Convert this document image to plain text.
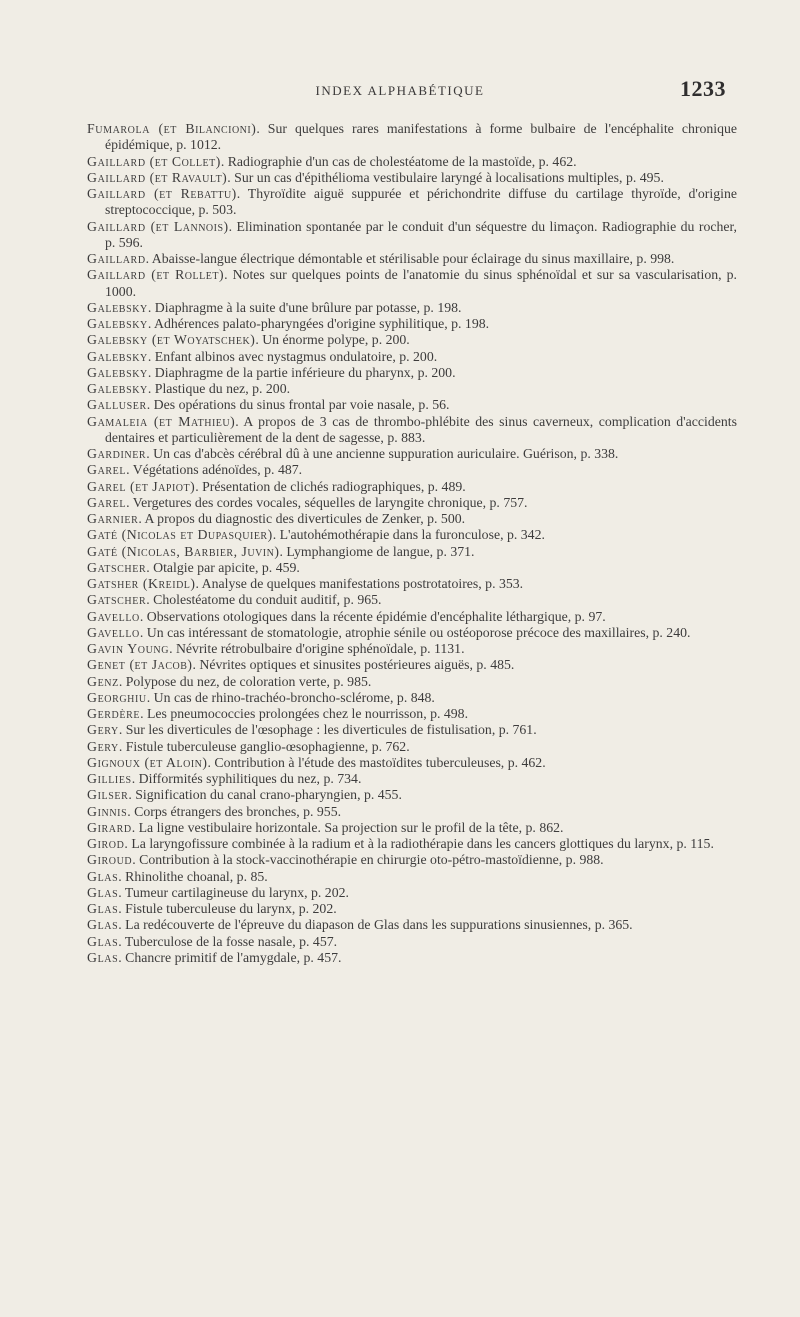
INDEX ALPHABÉTIQUE	1233
Fumarola (et Bilancioni). Sur quelques rares manifestations à forme bulbaire de l'encéphalite chronique épidémique, p. 1012.
Gaillard (et Collet). Radiographie d'un cas de cholestéatome de la mastoïde, p. 462.
Gaillard (et Ravault). Sur un cas d'épithélioma vestibulaire laryngé à localisations multiples, p. 495.
Gaillard (et Rebattu). Thyroïdite aiguë suppurée et périchondrite diffuse du cartilage thyroïde, d'origine streptococcique, p. 503.
Gaillard (et Lannois). Elimination spontanée par le conduit d'un séquestre du limaçon. Radiographie du rocher, p. 596.
Gaillard. Abaisse-langue électrique démontable et stérilisable pour éclairage du sinus maxillaire, p. 998.
Gaillard (et Rollet). Notes sur quelques points de l'anatomie du sinus sphénoïdal et sur sa vascularisation, p. 1000.
Galebsky. Diaphragme à la suite d'une brûlure par potasse, p. 198.
Galebsky. Adhérences palato-pharyngées d'origine syphilitique, p. 198.
Galebsky (et Woyatschek). Un énorme polype, p. 200.
Galebsky. Enfant albinos avec nystagmus ondulatoire, p. 200.
Galebsky. Diaphragme de la partie inférieure du pharynx, p. 200.
Galebsky. Plastique du nez, p. 200.
Galluser. Des opérations du sinus frontal par voie nasale, p. 56.
Gamaleia (et Mathieu). A propos de 3 cas de thrombo-phlébite des sinus caverneux, complication d'accidents dentaires et particulièrement de la dent de sagesse, p. 883.
Gardiner. Un cas d'abcès cérébral dû à une ancienne suppuration auriculaire. Guérison, p. 338.
Garel. Végétations adénoïdes, p. 487.
Garel (et Japiot). Présentation de clichés radiographiques, p. 489.
Garel. Vergetures des cordes vocales, séquelles de laryngite chronique, p. 757.
Garnier. A propos du diagnostic des diverticules de Zenker, p. 500.
Gaté (Nicolas et Dupasquier). L'autohémothérapie dans la furonculose, p. 342.
Gaté (Nicolas, Barbier, Juvin). Lymphangiome de langue, p. 371.
Gatscher. Otalgie par apicite, p. 459.
Gatsher (Kreidl). Analyse de quelques manifestations postrotatoires, p. 353.
Gatscher. Cholestéatome du conduit auditif, p. 965.
Gavello. Observations otologiques dans la récente épidémie d'encéphalite léthargique, p. 97.
Gavello. Un cas intéressant de stomatologie, atrophie sénile ou ostéoporose précoce des maxillaires, p. 240.
Gavin Young. Névrite rétrobulbaire d'origine sphénoïdale, p. 1131.
Genet (et Jacob). Névrites optiques et sinusites postérieures aiguës, p. 485.
Genz. Polypose du nez, de coloration verte, p. 985.
Georghiu. Un cas de rhino-trachéo-broncho-sclérome, p. 848.
Gerdère. Les pneumococcies prolongées chez le nourrisson, p. 498.
Gery. Sur les diverticules de l'œsophage : les diverticules de fistulisation, p. 761.
Gery. Fistule tuberculeuse ganglio-œsophagienne, p. 762.
Gignoux (et Aloin). Contribution à l'étude des mastoïdites tuberculeuses, p. 462.
Gillies. Difformités syphilitiques du nez, p. 734.
Gilser. Signification du canal crano-pharyngien, p. 455.
Ginnis. Corps étrangers des bronches, p. 955.
Girard. La ligne vestibulaire horizontale. Sa projection sur le profil de la tête, p. 862.
Girod. La laryngofissure combinée à la radium et à la radiothérapie dans les cancers glottiques du larynx, p. 115.
Giroud. Contribution à la stock-vaccinothérapie en chirurgie oto-pétro-mastoïdienne, p. 988.
Glas. Rhinolithe choanal, p. 85.
Glas. Tumeur cartilagineuse du larynx, p. 202.
Glas. Fistule tuberculeuse du larynx, p. 202.
Glas. La redécouverte de l'épreuve du diapason de Glas dans les suppurations sinusiennes, p. 365.
Glas. Tuberculose de la fosse nasale, p. 457.
Glas. Chancre primitif de l'amygdale, p. 457.
